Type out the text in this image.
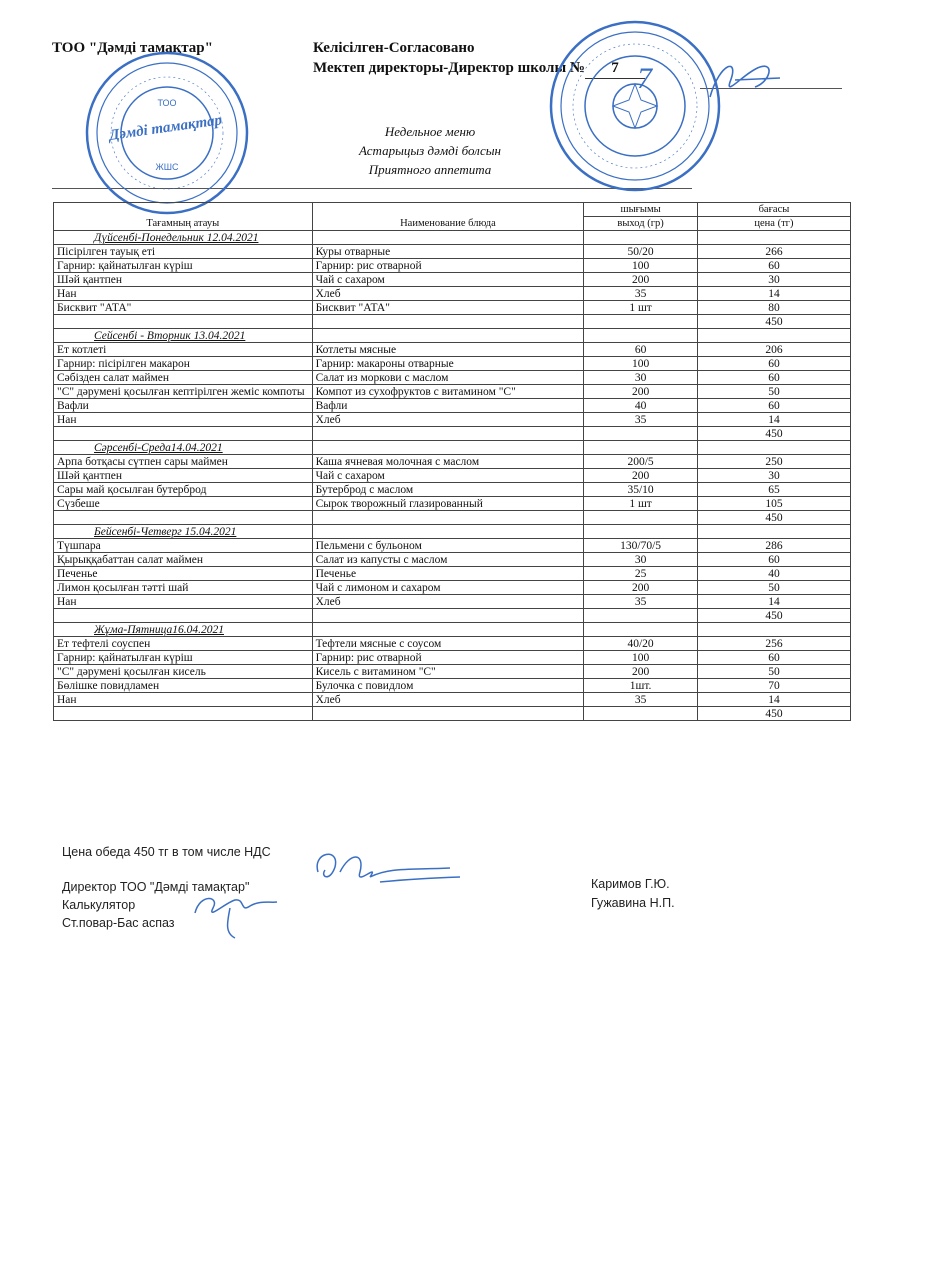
ТОО "Дәмді тамақтар"	Келісілген-Согласовано
Мектеп директоры-Директор школы № 7
Недельное меню
Астарыцыз дәмді болсын
Приятного аппетита
ТОО
Дәмді тамақтар
ЖШС
7
Тағамның атауы	Наименование блюда	шығымы	бағасы
		выход (гр)	цена (тг)
Дүйсенбі-Понедельник 12.04.2021			
Пісірілген тауық еті	Куры отварные	50/20	266
Гарнир: қайнатылған күріш	Гарнир: рис отварной	100	60
Шәй қантпен	Чай с сахаром	200	30
Нан	Хлеб	35	14
Бисквит "АТА"	Бисквит "АТА"	1 шт	80
			450
Сейсенбі - Вторник 13.04.2021			
Ет котлеті	Котлеты мясные	60	206
Гарнир: пісірілген макарон	Гарнир: макароны отварные	100	60
Сәбізден салат маймен	Салат из моркови с маслом	30	60
"С" дәрумені қосылған кептірілген жеміс компоты	Компот из сухофруктов с витамином "С"	200	50
Вафли	Вафли	40	60
Нан	Хлеб	35	14
			450
Сәрсенбі-Среда14.04.2021			
Арпа ботқасы сүтпен сары маймен	Каша ячневая молочная с маслом	200/5	250
Шәй қантпен	Чай с сахаром	200	30
Сары май қосылған бутерброд	Бутерброд с маслом	35/10	65
Сүзбеше	Сырок творожный глазированный	1 шт	105
			450
Бейсенбі-Четверг 15.04.2021			
Түшпара	Пельмени с бульоном	130/70/5	286
Қырыққабаттан салат маймен	Салат из капусты с маслом	30	60
Печенье	Печенье	25	40
Лимон қосылған тәтті шай	Чай с лимоном и сахаром	200	50
Нан	Хлеб	35	14
			450
Жұма-Пятница16.04.2021			
Ет тефтелі соуспен	Тефтели мясные с соусом	40/20	256
Гарнир: қайнатылған күріш	Гарнир: рис отварной	100	60
"С" дәрумені қосылған кисель	Кисель с витамином "С"	200	50
Бөлішке повидламен	Булочка с повидлом	1шт.	70
Нан	Хлеб	35	14
			450
Цена обеда 450 тг в том числе НДС
Директор ТОО "Дәмді тамақтар"
Калькулятор
Ст.повар-Бас аспаз
Каримов Г.Ю.
Гужавина Н.П.
